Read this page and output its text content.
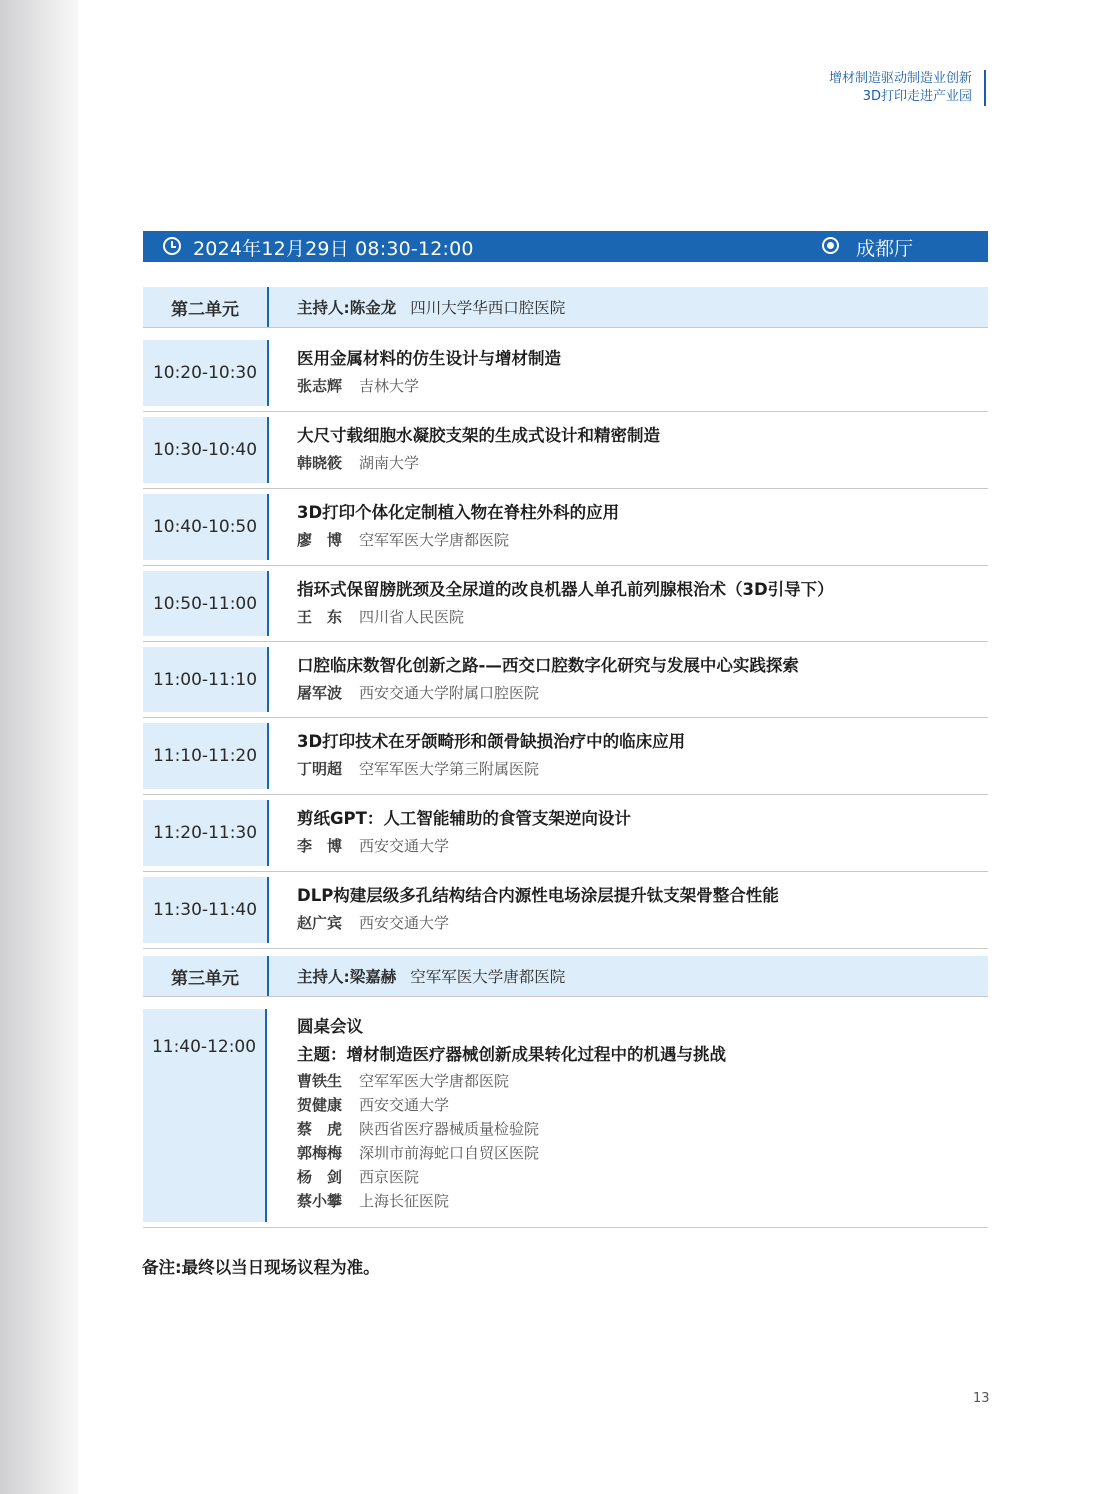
增材制造驱动制造业创新
3D打印走进产业园
2024年12月29日 08:30-12:00	成都厅
第二单元	主持人:陈金龙 四川大学华西口腔医院
10:20-10:30
医用金属材料的仿生设计与增材制造
张志辉 吉林大学
10:30-10:40
大尺寸载细胞水凝胶支架的生成式设计和精密制造
韩晓筱 湖南大学
10:40-10:50
3D打印个体化定制植入物在脊柱外科的应用
廖　博 空军军医大学唐都医院
10:50-11:00
指环式保留膀胱颈及全尿道的改良机器人单孔前列腺根治术（3D引导下）
王　东 四川省人民医院
11:00-11:10
口腔临床数智化创新之路-—西交口腔数字化研究与发展中心实践探索
屠军波 西安交通大学附属口腔医院
11:10-11:20
3D打印技术在牙颌畸形和颌骨缺损治疗中的临床应用
丁明超 空军军医大学第三附属医院
11:20-11:30
剪纸GPT：人工智能辅助的食管支架逆向设计
李　博 西安交通大学
11:30-11:40
DLP构建层级多孔结构结合内源性电场涂层提升钛支架骨整合性能
赵广宾 西安交通大学
第三单元	主持人:梁嘉赫 空军军医大学唐都医院
11:40-12:00
圆桌会议
主题：增材制造医疗器械创新成果转化过程中的机遇与挑战
曹铁生 空军军医大学唐都医院
贺健康 西安交通大学
蔡　虎 陕西省医疗器械质量检验院
郭梅梅 深圳市前海蛇口自贸区医院
杨　剑 西京医院
蔡小攀 上海长征医院
备注:最终以当日现场议程为准。
13
